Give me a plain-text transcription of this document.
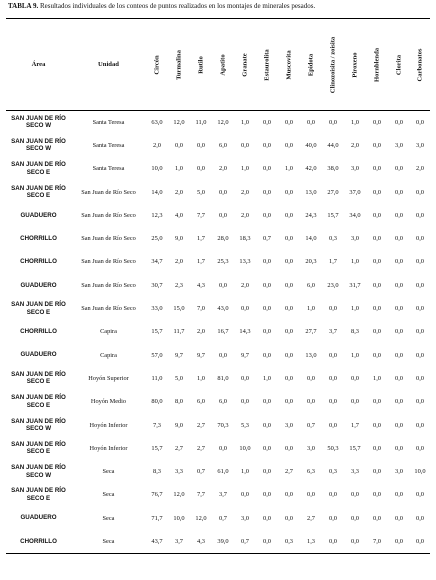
TABLA 9. Resultados individuales de los conteos de puntos realizados en los montajes de minerales pesados.
Área	Unidad	Circón	Turmalina	Rutilo	Apatito	Granate	Estaurolita	Muscovita	Epidota	Clinozoisita / zoisita	Piroxeno	Hornblenda	Clorita	Carbonatos

SAN JUAN DE RÍO SECO W	Santa Teresa	63,0	12,0	11,0	12,0	1,0	0,0	0,0	0,0	0,0	1,0	0,0	0,0	0,0
SAN JUAN DE RÍO SECO W	Santa Teresa	2,0	0,0	0,0	6,0	0,0	0,0	0,0	40,0	44,0	2,0	0,0	3,0	3,0
SAN JUAN DE RÍO SECO E	Santa Teresa	10,0	1,0	0,0	2,0	1,0	0,0	1,0	42,0	38,0	3,0	0,0	0,0	2,0
SAN JUAN DE RÍO SECO E	San Juan de Río Seco	14,0	2,0	5,0	0,0	2,0	0,0	0,0	13,0	27,0	37,0	0,0	0,0	0,0
GUADUERO	San Juan de Río Seco	12,3	4,0	7,7	0,0	2,0	0,0	0,0	24,3	15,7	34,0	0,0	0,0	0,0
CHORRILLO	San Juan de Río Seco	25,0	9,0	1,7	28,0	18,3	0,7	0,0	14,0	0,3	3,0	0,0	0,0	0,0
CHORRILLO	San Juan de Río Seco	34,7	2,0	1,7	25,3	13,3	0,0	0,0	20,3	1,7	1,0	0,0	0,0	0,0
GUADUERO	San Juan de Río Seco	30,7	2,3	4,3	0,0	2,0	0,0	0,0	6,0	23,0	31,7	0,0	0,0	0,0
SAN JUAN DE RÍO SECO E	San Juan de Río Seco	33,0	15,0	7,0	43,0	0,0	0,0	0,0	1,0	0,0	1,0	0,0	0,0	0,0
CHORRILLO	Capira	15,7	11,7	2,0	16,7	14,3	0,0	0,0	27,7	3,7	8,3	0,0	0,0	0,0
GUADUERO	Capira	57,0	9,7	9,7	0,0	9,7	0,0	0,0	13,0	0,0	1,0	0,0	0,0	0,0
SAN JUAN DE RÍO SECO E	Hoyón Superior	11,0	5,0	1,0	81,0	0,0	1,0	0,0	0,0	0,0	0,0	1,0	0,0	0,0
SAN JUAN DE RÍO SECO E	Hoyón Medio	80,0	8,0	6,0	6,0	0,0	0,0	0,0	0,0	0,0	0,0	0,0	0,0	0,0
SAN JUAN DE RÍO SECO W	Hoyón Inferior	7,3	9,0	2,7	70,3	5,3	0,0	3,0	0,7	0,0	1,7	0,0	0,0	0,0
SAN JUAN DE RÍO SECO E	Hoyón Inferior	15,7	2,7	2,7	0,0	10,0	0,0	0,0	3,0	50,3	15,7	0,0	0,0	0,0
SAN JUAN DE RÍO SECO W	Seca	8,3	3,3	0,7	61,0	1,0	0,0	2,7	6,3	0,3	3,3	0,0	3,0	10,0
SAN JUAN DE RÍO SECO E	Seca	76,7	12,0	7,7	3,7	0,0	0,0	0,0	0,0	0,0	0,0	0,0	0,0	0,0
GUADUERO	Seca	71,7	10,0	12,0	0,7	3,0	0,0	0,0	2,7	0,0	0,0	0,0	0,0	0,0
CHORRILLO	Seca	43,7	3,7	4,3	39,0	0,7	0,0	0,3	1,3	0,0	0,0	7,0	0,0	0,0
